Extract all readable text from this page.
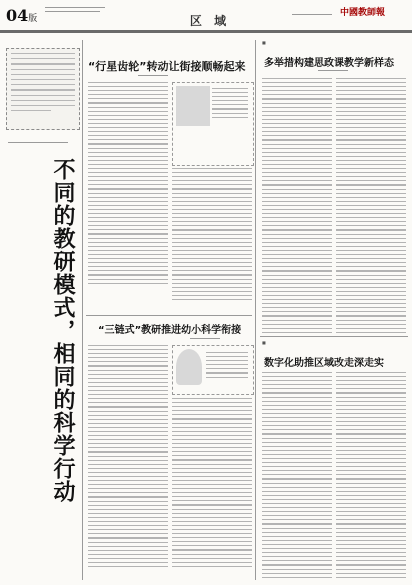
04版	区 域
中國教師報
不同的教研模式，相同的科学行动
“行星齿轮”转动让街接顺畅起来
“三链式”教研推进幼小科学衔接
■
多举措构建思政课教学新样态
■
数字化助推区域改走深走实
